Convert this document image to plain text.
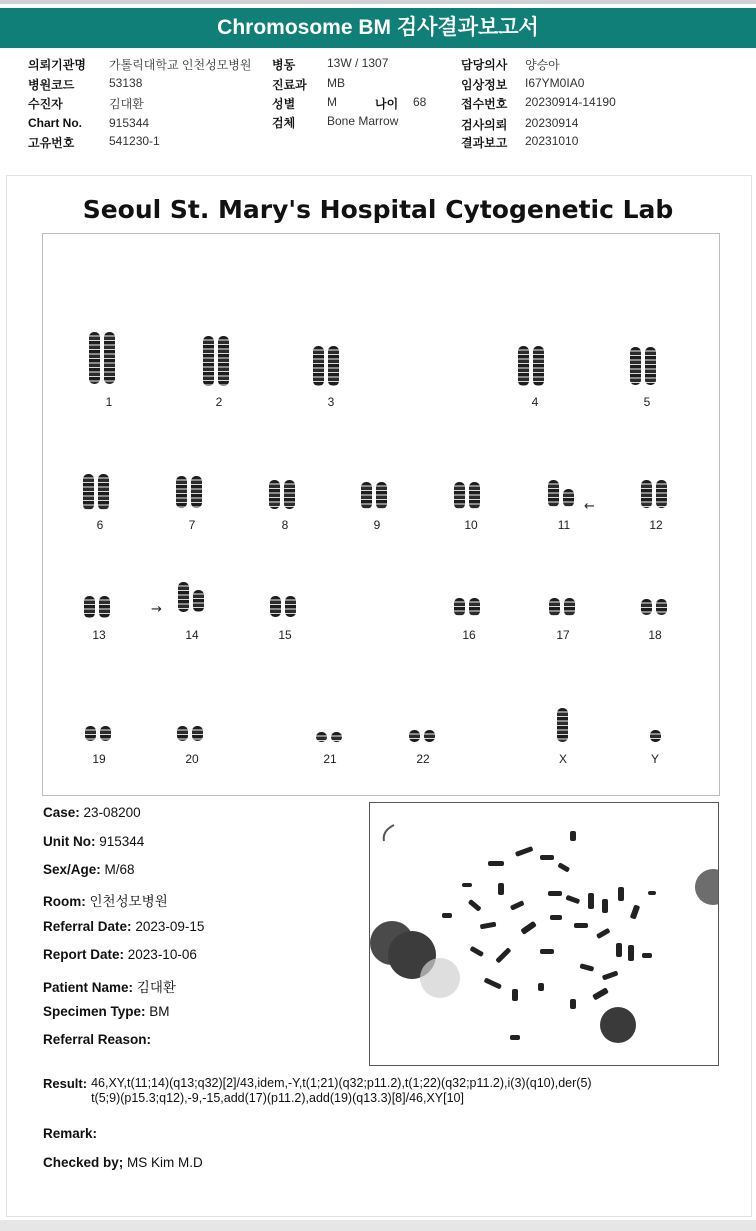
Chromosome BM 검사결과보고서
의뢰기관명 가톨릭대학교 인천성모병원
병원코드	53138
수진자	김대환
Chart No. 915344
고유번호	541230-1
병동	13W / 1307
진료과 MB
성별	M	나이 68
검체	Bone Marrow
담당의사 양승아
임상정보 I67YM0IA0
접수번호 20230914-14190
검사의뢰 20230914
결과보고 20231010
Seoul St. Mary's Hospital Cytogenetic Lab
1	2	3	4	5
6	7	8	9	10	11
←
12
13
→
14	15	16	17	18
19	20	21	22	X	Y
Case: 23-08200
Unit No: 915344
Sex/Age: M/68
Room: 인천성모병원
Referral Date: 2023-09-15
Report Date: 2023-10-06
Patient Name: 김대환
Specimen Type: BM
Referral Reason:
Result: 46,XY,t(11;14)(q13;q32)[2]/43,idem,-Y,t(1;21)(q32;p11.2),t(1;22)(q32;p11.2),i(3)(q10),der(5)
t(5;9)(p15.3;q12),-9,-15,add(17)(p11.2),add(19)(q13.3)[8]/46,XY[10]
Remark:
Checked by; MS Kim M.D
